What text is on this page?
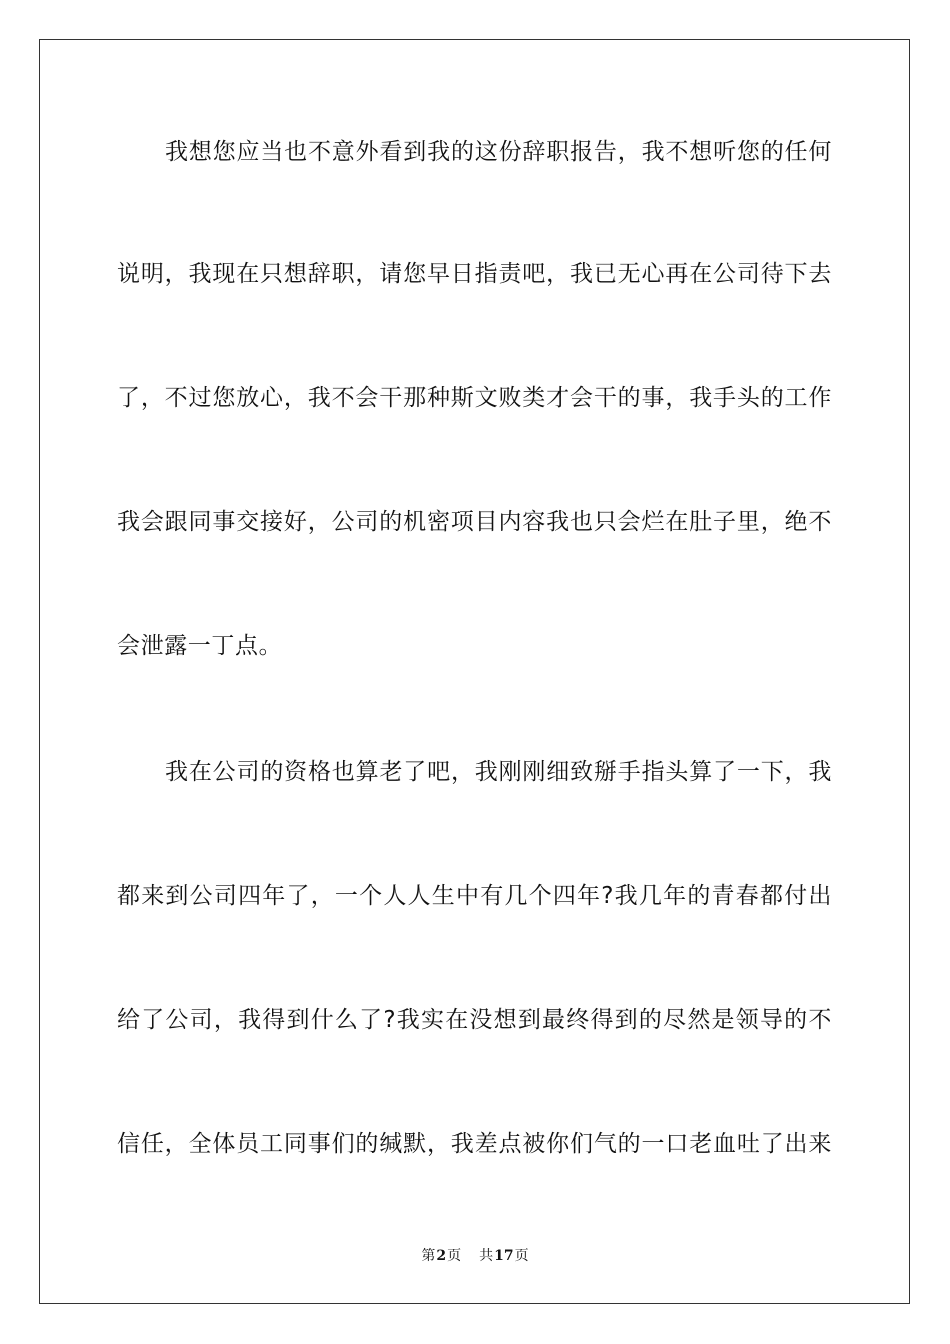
我想您应当也不意外看到我的这份辞职报告，我不想听您的任何
说明，我现在只想辞职，请您早日指责吧，我已无心再在公司待下去
了，不过您放心，我不会干那种斯文败类才会干的事，我手头的工作
我会跟同事交接好，公司的机密项目内容我也只会烂在肚子里，绝不
会泄露一丁点。
我在公司的资格也算老了吧，我刚刚细致掰手指头算了一下，我
都来到公司四年了，一个人人生中有几个四年?我几年的青春都付出
给了公司，我得到什么了?我实在没想到最终得到的尽然是领导的不
信任，全体员工同事们的缄默，我差点被你们气的一口老血吐了出来
第2页 共17页
